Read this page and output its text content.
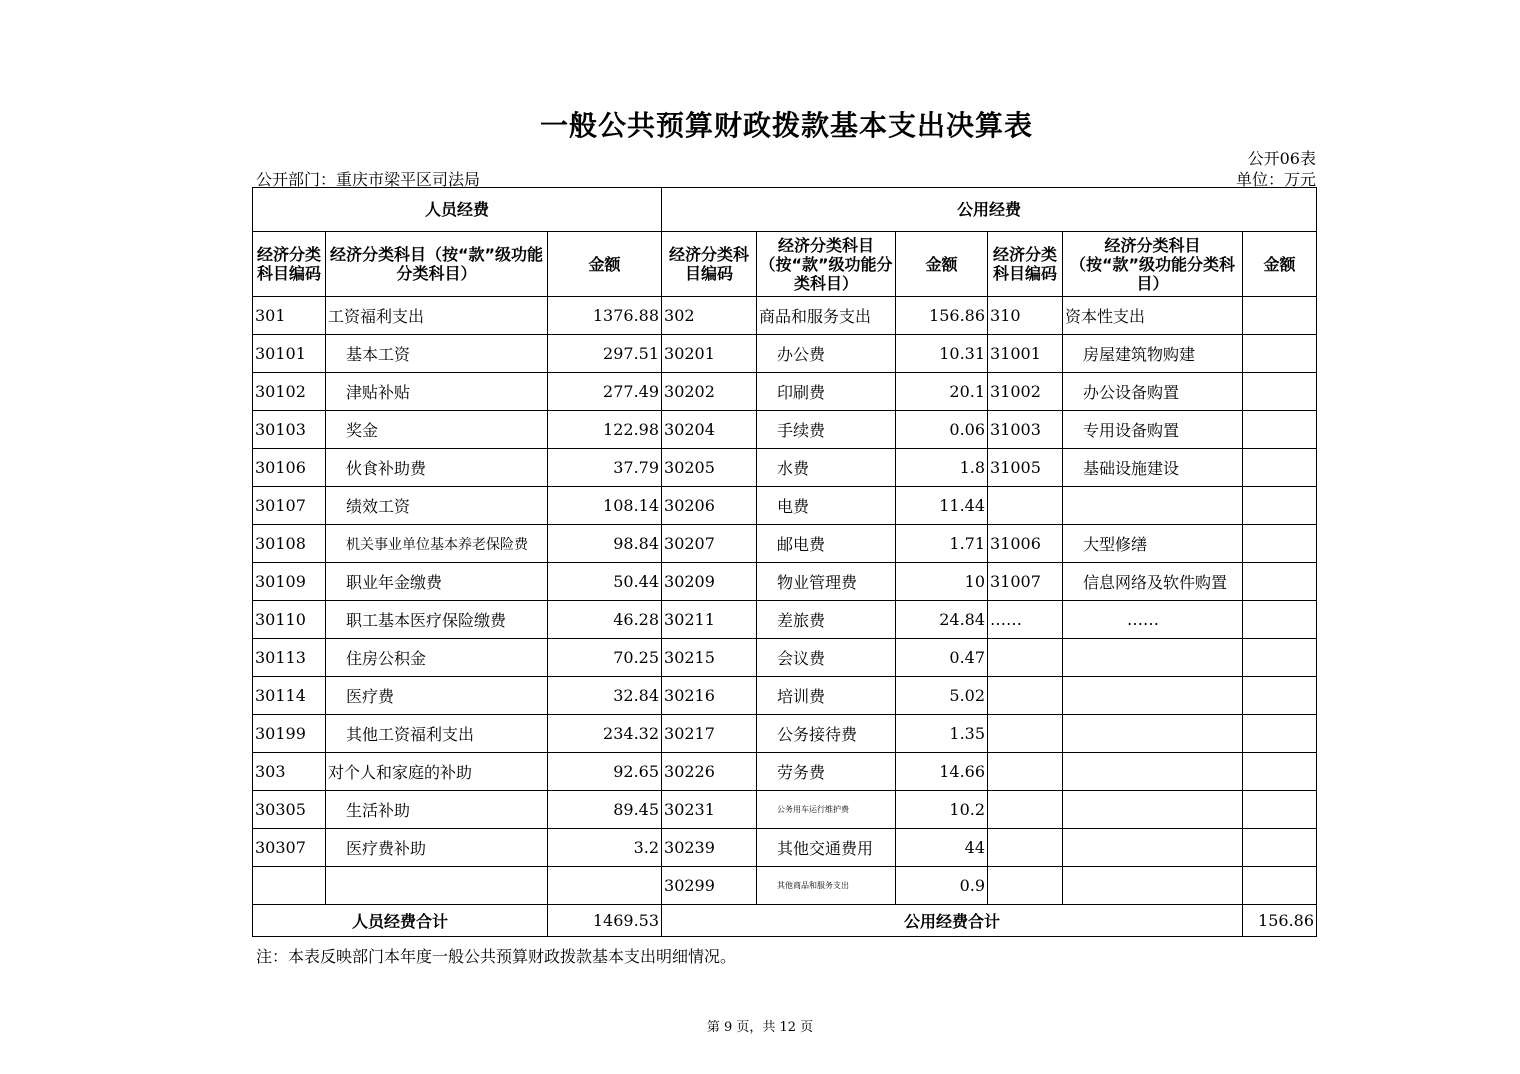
一般公共预算财政拨款基本支出决算表
公开06表
公开部门：重庆市梁平区司法局	单位：万元
人员经费			公用经费					
经济分类科目编码	经济分类科目（按“款”级功能分类科目）	金额	经济分类科目编码	经济分类科目（按“款”级功能分类科目）	金额	经济分类科目编码	经济分类科目（按“款”级功能分类科目）	金额
301	工资福利支出	1376.88	302	商品和服务支出	156.86	310	资本性支出	
30101	基本工资	297.51	30201	办公费	10.31	31001	房屋建筑物购建	
30102	津贴补贴	277.49	30202	印刷费	20.1	31002	办公设备购置	
30103	奖金	122.98	30204	手续费	0.06	31003	专用设备购置	
30106	伙食补助费	37.79	30205	水费	1.8	31005	基础设施建设	
30107	绩效工资	108.14	30206	电费	11.44			
30108	机关事业单位基本养老保险费	98.84	30207	邮电费	1.71	31006	大型修缮	
30109	职业年金缴费	50.44	30209	物业管理费	10	31007	信息网络及软件购置	
30110	职工基本医疗保险缴费	46.28	30211	差旅费	24.84	……	……	
30113	住房公积金	70.25	30215	会议费	0.47			
30114	医疗费	32.84	30216	培训费	5.02			
30199	其他工资福利支出	234.32	30217	公务接待费	1.35			
303	对个人和家庭的补助	92.65	30226	劳务费	14.66			
30305	生活补助	89.45	30231	公务用车运行维护费	10.2			
30307	医疗费补助	3.2	30239	其他交通费用	44			
			30299	其他商品和服务支出	0.9			
人员经费合计		1469.53	公用经费合计					156.86
注：本表反映部门本年度一般公共预算财政拨款基本支出明细情况。
第 9 页，共 12 页
